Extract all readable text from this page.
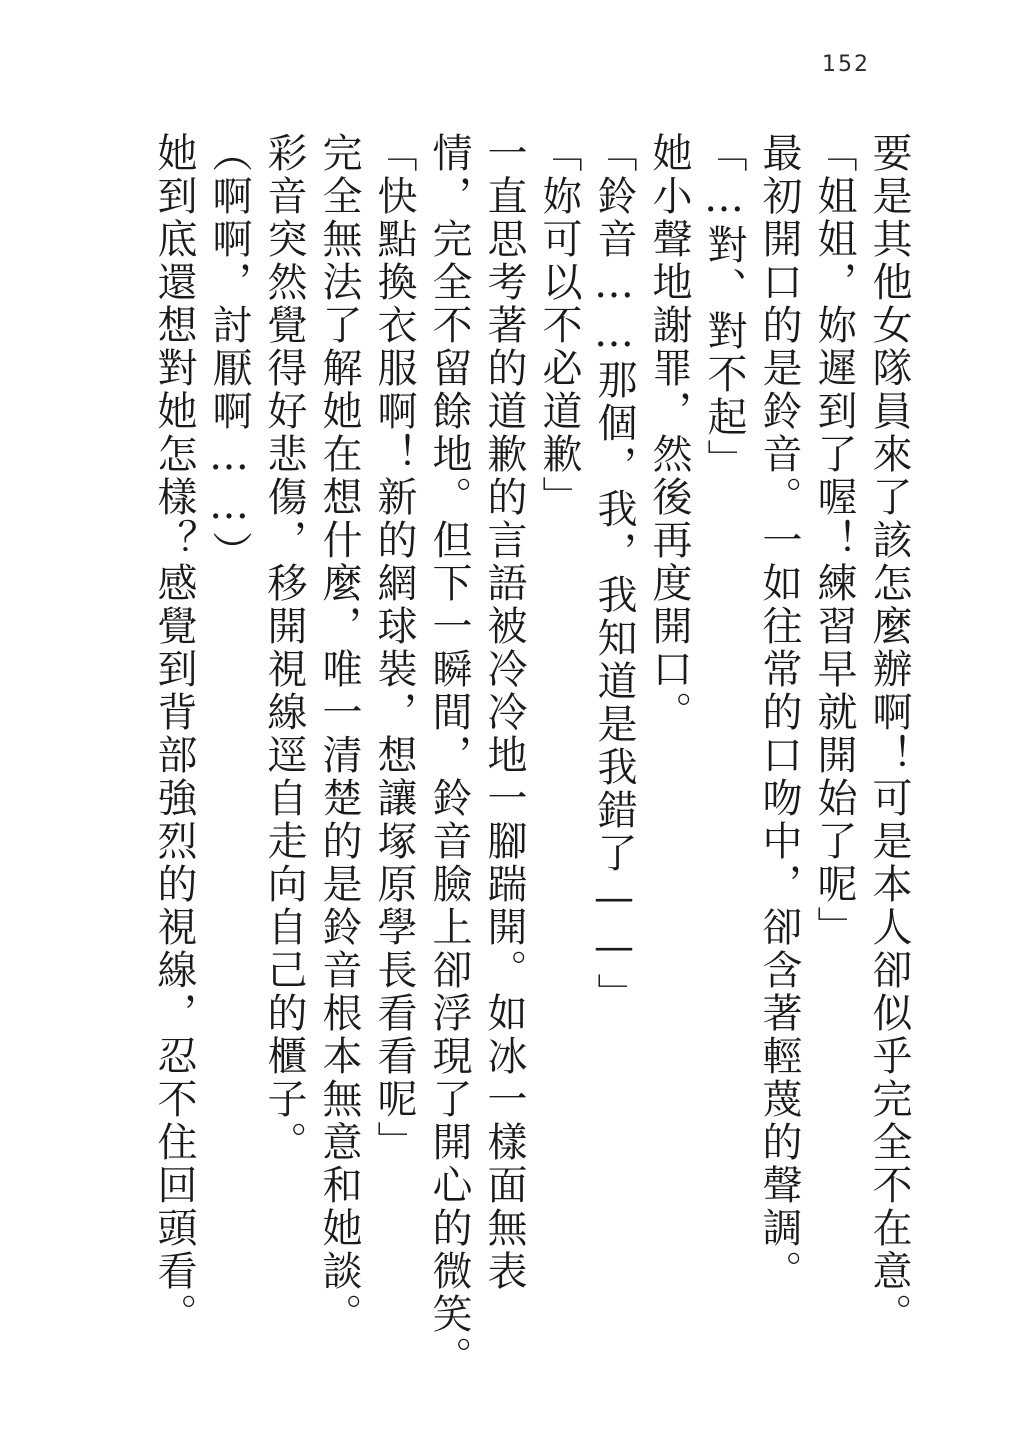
152

要是其他女隊員來了該怎麼辦啊！可是本人卻似乎完全不在意。

「姐姐，妳遲到了喔！練習早就開始了呢」

最初開口的是鈴音。一如往常的口吻中，卻含著輕蔑的聲調。

「…對、對不起」

她小聲地謝罪，然後再度開口。

「鈴音……那個，我，我知道是我錯了——」

「妳可以不必道歉」

一直思考著的道歉的言語被冷冷地一腳踹開。如冰一樣面無表

情，完全不留餘地。但下一瞬間，鈴音臉上卻浮現了開心的微笑。

「快點換衣服啊！新的網球裝，想讓塚原學長看看呢」

完全無法了解她在想什麼，唯一清楚的是鈴音根本無意和她談。

彩音突然覺得好悲傷，移開視線逕自走向自己的櫃子。

（啊啊，討厭啊……）

她到底還想對她怎樣？感覺到背部強烈的視線，忍不住回頭看。
